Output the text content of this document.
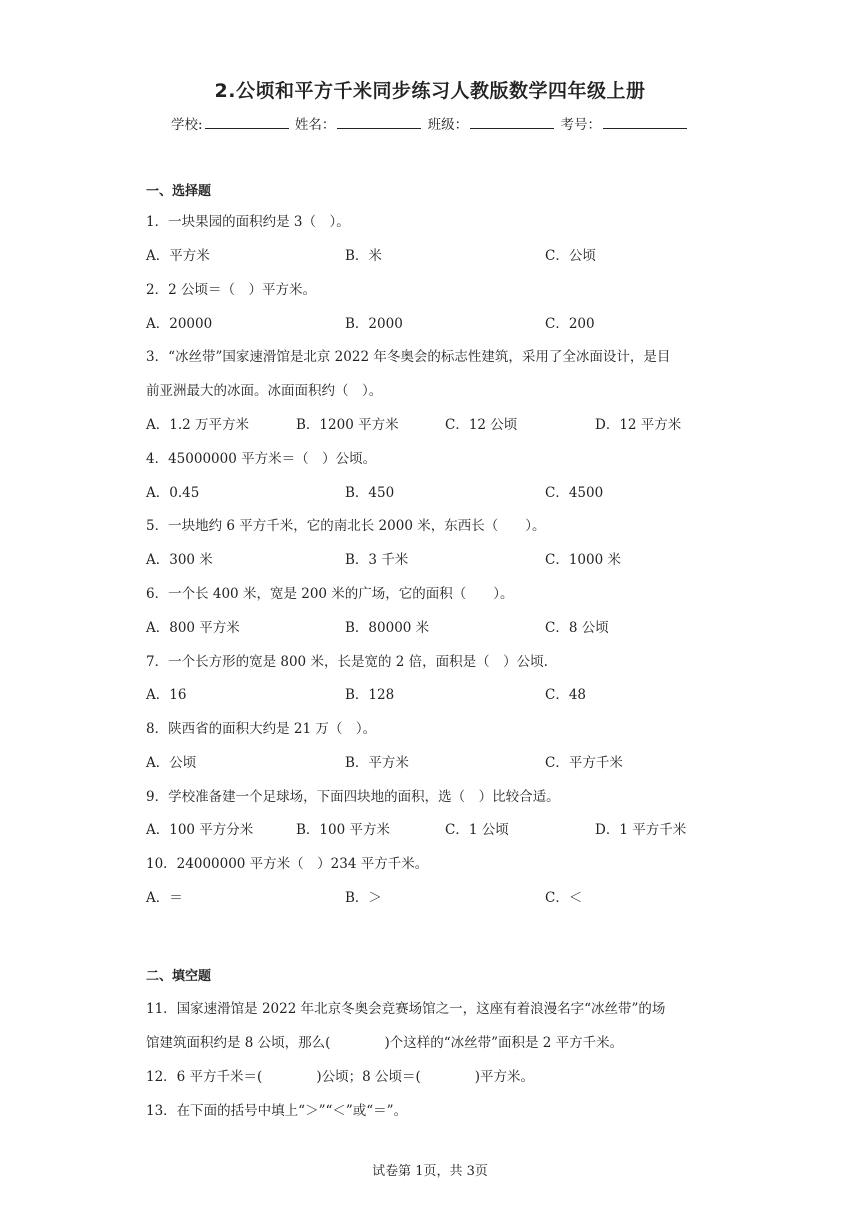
2.公顷和平方千米同步练习人教版数学四年级上册
学校:	姓名：	班级：	考号：
一、选择题
1．一块果园的面积约是 3（　）。
A．平方米	B．米	C．公顷
2．2 公顷＝（　）平方米。
A．20000	B．2000	C．200
3．“冰丝带”国家速滑馆是北京 2022 年冬奥会的标志性建筑，采用了全冰面设计，是目
前亚洲最大的冰面。冰面面积约（　）。
A．1.2 万平方米	B．1200 平方米	C．12 公顷	D．12 平方米
4．45000000 平方米＝（　）公顷。
A．0.45	B．450	C．4500
5．一块地约 6 平方千米，它的南北长 2000 米，东西长（　　）。
A．300 米	B．3 千米	C．1000 米
6．一个长 400 米，宽是 200 米的广场，它的面积（　　）。
A．800 平方米	B．80000 米	C．8 公顷
7．一个长方形的宽是 800 米，长是宽的 2 倍，面积是（　）公顷.
A．16	B．128	C．48
8．陕西省的面积大约是 21 万（　）。
A．公顷	B．平方米	C．平方千米
9．学校准备建一个足球场，下面四块地的面积，选（　）比较合适。
A．100 平方分米	B．100 平方米	C．1 公顷	D．1 平方千米
10．24000000 平方米（　）234 平方千米。
A．＝	B．＞	C．＜
二、填空题
11．国家速滑馆是 2022 年北京冬奥会竞赛场馆之一，这座有着浪漫名字“冰丝带”的场
馆建筑面积约是 8 公顷，那么(　　　　)个这样的“冰丝带”面积是 2 平方千米。
12．6 平方千米＝(　　　　)公顷；8 公顷＝(　　　　)平方米。
13．在下面的括号中填上“＞”“＜”或“＝”。
试卷第 1页，共 3页
